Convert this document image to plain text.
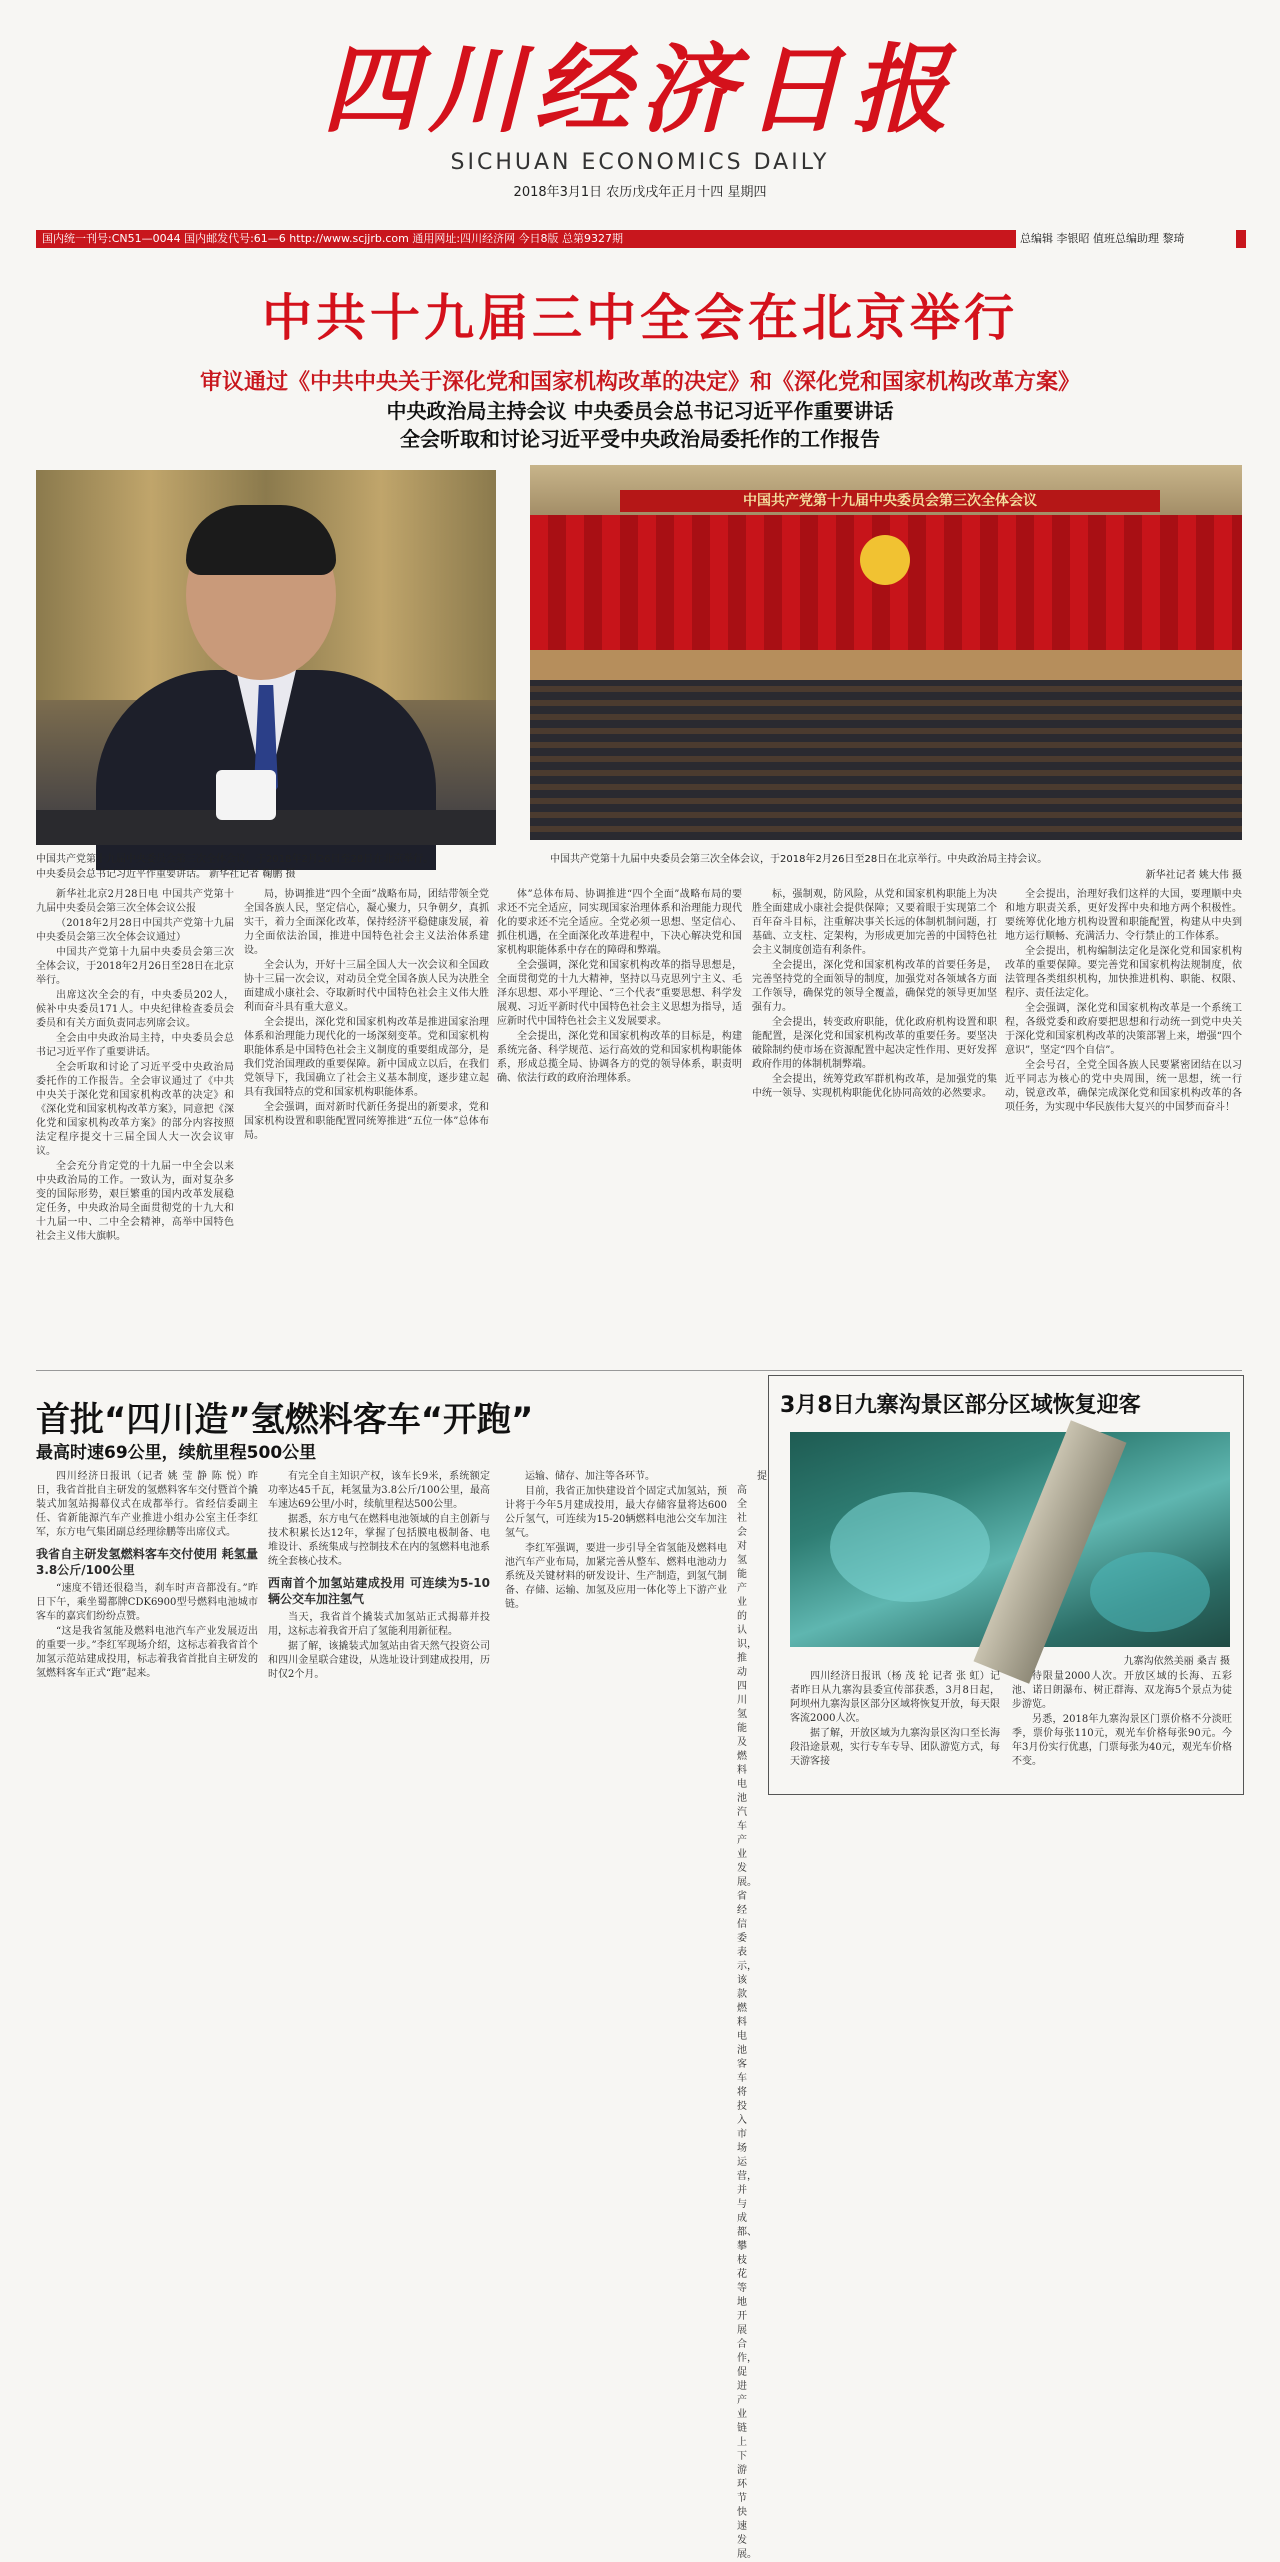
四川经济日报
SICHUAN ECONOMICS DAILY
2018年3月1日 农历戊戌年正月十四 星期四
国内统一刊号:CN51—0044 国内邮发代号:61—6 http://www.scjjrb.com 通用网址:四川经济网 今日8版 总第9327期	总编辑 李银昭 值班总编助理 黎琦
中共十九届三中全会在北京举行
审议通过《中共中央关于深化党和国家机构改革的决定》和《深化党和国家机构改革方案》
中央政治局主持会议 中央委员会总书记习近平作重要讲话
全会听取和讨论习近平受中央政治局委托作的工作报告
中国共产党第十九届中央委员会第三次全体会议
中国共产党第十九届中央委员会第三次全体会议，于2018年2月26日至28日在北京举行。
中央委员会总书记习近平作重要讲话。 新华社记者 鞠鹏 摄
中国共产党第十九届中央委员会第三次全体会议，于2018年2月26日至28日在北京举行。中央政治局主持会议。
新华社记者 姚大伟 摄

新华社北京2月28日电 中国共产党第十九届中央委员会第三次全体会议公报

（2018年2月28日中国共产党第十九届中央委员会第三次全体会议通过）

中国共产党第十九届中央委员会第三次全体会议，于2018年2月26日至28日在北京举行。

出席这次全会的有，中央委员202人，候补中央委员171人。中央纪律检查委员会委员和有关方面负责同志列席会议。

全会由中央政治局主持，中央委员会总书记习近平作了重要讲话。

全会听取和讨论了习近平受中央政治局委托作的工作报告。全会审议通过了《中共中央关于深化党和国家机构改革的决定》和《深化党和国家机构改革方案》，同意把《深化党和国家机构改革方案》的部分内容按照法定程序提交十三届全国人大一次会议审议。

全会充分肯定党的十九届一中全会以来中央政治局的工作。一致认为，面对复杂多变的国际形势，艰巨繁重的国内改革发展稳定任务，中央政治局全面贯彻党的十九大和十九届一中、二中全会精神，高举中国特色社会主义伟大旗帜。

局，协调推进“四个全面”战略布局，团结带领全党全国各族人民，坚定信心，凝心聚力，只争朝夕，真抓实干，着力全面深化改革，保持经济平稳健康发展，着力全面依法治国，推进中国特色社会主义法治体系建设。

全会认为，开好十三届全国人大一次会议和全国政协十三届一次会议，对动员全党全国各族人民为决胜全面建成小康社会、夺取新时代中国特色社会主义伟大胜利而奋斗具有重大意义。

全会提出，深化党和国家机构改革是推进国家治理体系和治理能力现代化的一场深刻变革。党和国家机构职能体系是中国特色社会主义制度的重要组成部分，是我们党治国理政的重要保障。新中国成立以后，在我们党领导下，我国确立了社会主义基本制度，逐步建立起具有我国特点的党和国家机构职能体系。

全会强调，面对新时代新任务提出的新要求，党和国家机构设置和职能配置同统筹推进“五位一体”总体布局。

体”总体布局、协调推进“四个全面”战略布局的要求还不完全适应，同实现国家治理体系和治理能力现代化的要求还不完全适应。全党必须一思想、坚定信心、抓住机遇，在全面深化改革进程中，下决心解决党和国家机构职能体系中存在的障碍和弊端。

全会强调，深化党和国家机构改革的指导思想是，全面贯彻党的十九大精神，坚持以马克思列宁主义、毛泽东思想、邓小平理论、“三个代表”重要思想、科学发展观、习近平新时代中国特色社会主义思想为指导，适应新时代中国特色社会主义发展要求。

全会提出，深化党和国家机构改革的目标是，构建系统完备、科学规范、运行高效的党和国家机构职能体系，形成总揽全局、协调各方的党的领导体系，职责明确、依法行政的政府治理体系。

标，强制观，防风险，从党和国家机构职能上为决胜全面建成小康社会提供保障；又要着眼于实现第二个百年奋斗目标，注重解决事关长远的体制机制问题，打基础、立支柱、定架构，为形成更加完善的中国特色社会主义制度创造有利条件。

全会提出，深化党和国家机构改革的首要任务是，完善坚持党的全面领导的制度，加强党对各领域各方面工作领导，确保党的领导全覆盖，确保党的领导更加坚强有力。

全会提出，转变政府职能，优化政府机构设置和职能配置，是深化党和国家机构改革的重要任务。要坚决破除制约使市场在资源配置中起决定性作用、更好发挥政府作用的体制机制弊端。

全会提出，统筹党政军群机构改革，是加强党的集中统一领导、实现机构职能优化协同高效的必然要求。

全会提出，治理好我们这样的大国，要理顺中央和地方职责关系，更好发挥中央和地方两个积极性。要统筹优化地方机构设置和职能配置，构建从中央到地方运行顺畅、充满活力、令行禁止的工作体系。

全会提出，机构编制法定化是深化党和国家机构改革的重要保障。要完善党和国家机构法规制度，依法管理各类组织机构，加快推进机构、职能、权限、程序、责任法定化。

全会强调，深化党和国家机构改革是一个系统工程，各级党委和政府要把思想和行动统一到党中央关于深化党和国家机构改革的决策部署上来，增强“四个意识”，坚定“四个自信”。

全会号召，全党全国各族人民要紧密团结在以习近平同志为核心的党中央周围，统一思想，统一行动，锐意改革，确保完成深化党和国家机构改革的各项任务，为实现中华民族伟大复兴的中国梦而奋斗！

首批“四川造”氢燃料客车“开跑”
最高时速69公里，续航里程500公里

四川经济日报讯（记者 姚 莹 静 陈 悦）昨日，我省首批自主研发的氢燃料客车交付暨首个撬装式加氢站揭幕仪式在成都举行。省经信委副主任、省新能源汽车产业推进小组办公室主任李红军，东方电气集团副总经理徐鹏等出席仪式。

我省自主研发氢燃料客车交付使用 耗氢量3.8公斤/100公里

“速度不错还很稳当，刹车时声音都没有。”昨日下午，乘坐蜀都牌CDK6900型号燃料电池城市客车的嘉宾们纷纷点赞。

“这是我省氢能及燃料电池汽车产业发展迈出的重要一步。”李红军现场介绍，这标志着我省首个加氢示范站建成投用，标志着我省首批自主研发的氢燃料客车正式“跑”起来。

有完全自主知识产权，该车长9米，系统额定功率达45千瓦，耗氢量为3.8公斤/100公里，最高车速达69公里/小时，续航里程达500公里。

据悉，东方电气在燃料电池领域的自主创新与技术积累长达12年，掌握了包括膜电极制备、电堆设计、系统集成与控制技术在内的氢燃料电池系统全套核心技术。

西南首个加氢站建成投用 可连续为5-10辆公交车加注氢气

当天，我省首个撬装式加氢站正式揭幕并投用，这标志着我省开启了氢能利用新征程。

据了解，该撬装式加氢站由省天然气投资公司和四川金星联合建设，从选址设计到建成投用，历时仅2个月。

运输、储存、加注等各环节。

目前，我省正加快建设首个固定式加氢站，预计将于今年5月建成投用，最大存储容量将达600公斤氢气，可连续为15-20辆燃料电池公交车加注氢气。

李红军强调，要进一步引导全省氢能及燃料电池汽车产业布局，加紧完善从整车、燃料电池动力系统及关键材料的研发设计、生产制造，到氢气制备、存储、运输、加氢及应用一体化等上下游产业链。

提高全社会对氢能产业的认识，推动四川氢能及燃料电池汽车产业发展。省经信委表示，该款燃料电池客车将投入市场运营，并与成都、攀枝花等地开展合作，促进产业链上下游环节快速发展。

3月8日九寨沟景区部分区域恢复迎客
九寨沟依然美丽 桑吉 摄

四川经济日报讯（杨 茂 轮 记者 张 虹）记者昨日从九寨沟县委宣传部获悉，3月8日起，阿坝州九寨沟景区部分区域将恢复开放，每天限客流2000人次。

据了解，开放区域为九寨沟景区沟口至长海段沿途景观，实行专车专导、团队游览方式，每天游客接

待限量2000人次。开放区域的长海、五彩池、诺日朗瀑布、树正群海、双龙海5个景点为徒步游览。

另悉，2018年九寨沟景区门票价格不分淡旺季，票价每张110元，观光车价格每张90元。今年3月份实行优惠，门票每张为40元，观光车价格不变。
